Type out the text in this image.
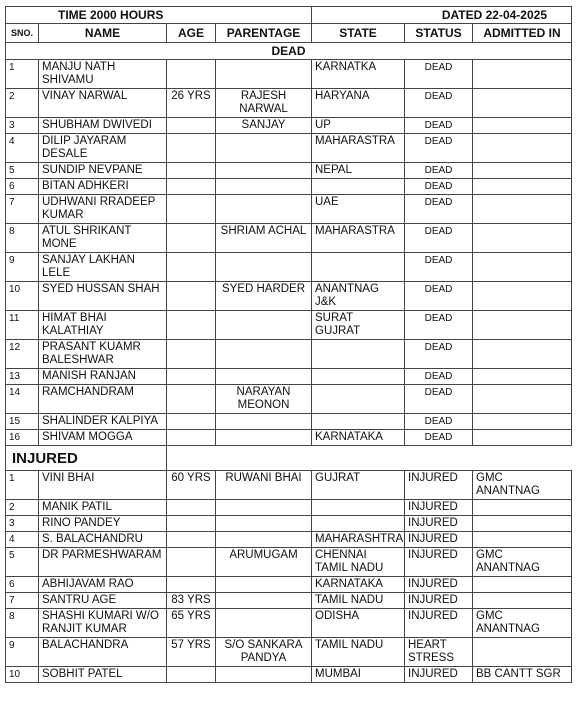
TIME 2000 HOURS				DATED 22-04-2025		
SNO.	NAME	AGE	PARENTAGE	STATE	STATUS	ADMITTED IN
DEAD						
1	MANJU NATH SHIVAMU			KARNATKA	DEAD	
2	VINAY NARWAL	26 YRS	RAJESH NARWAL	HARYANA	DEAD	
3	SHUBHAM DWIVEDI		SANJAY	UP	DEAD	
4	DILIP JAYARAM DESALE			MAHARASTRA	DEAD	
5	SUNDIP NEVPANE			NEPAL	DEAD	
6	BITAN ADHKERI				DEAD	
7	UDHWANI RRADEEP KUMAR			UAE	DEAD	
8	ATUL SHRIKANT MONE		SHRIAM ACHAL	MAHARASTRA	DEAD	
9	SANJAY LAKHAN LELE				DEAD	
10	SYED HUSSAN SHAH		SYED HARDER	ANANTNAG J&K	DEAD	
11	HIMAT BHAI KALATHIAY			SURAT GUJRAT	DEAD	
12	PRASANT KUAMR BALESHWAR				DEAD	
13	MANISH RANJAN				DEAD	
14	RAMCHANDRAM		NARAYAN MEONON		DEAD	
15	SHALINDER KALPIYA				DEAD	
16	SHIVAM MOGGA			KARNATAKA	DEAD	
INJURED						
1	VINI BHAI	60 YRS	RUWANI BHAI	GUJRAT	INJURED	GMC ANANTNAG
2	MANIK PATIL				INJURED	
3	RINO PANDEY				INJURED	
4	S. BALACHANDRU			MAHARASHTRA	INJURED	
5	DR PARMESHWARAM		ARUMUGAM	CHENNAI TAMIL NADU	INJURED	GMC ANANTNAG
6	ABHIJAVAM RAO			KARNATAKA	INJURED	
7	SANTRU AGE	83 YRS		TAMIL NADU	INJURED	
8	SHASHI KUMARI W/O RANJIT KUMAR	65 YRS		ODISHA	INJURED	GMC ANANTNAG
9	BALACHANDRA	57 YRS	S/O SANKARA PANDYA	TAMIL NADU	HEART STRESS	
10	SOBHIT PATEL			MUMBAI	INJURED	BB CANTT SGR
